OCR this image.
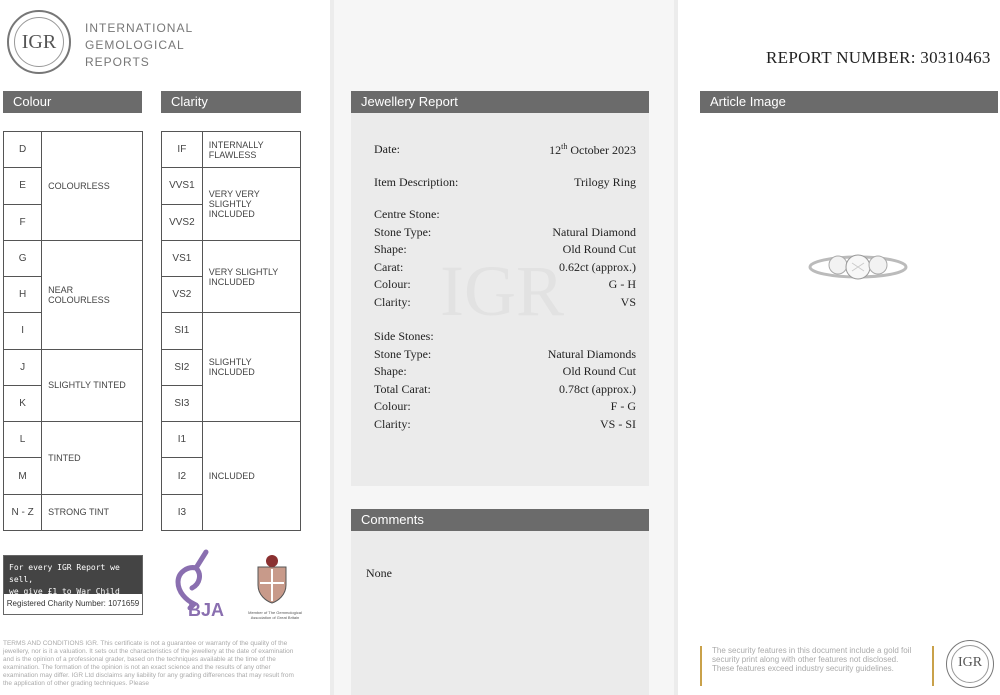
IGR
INTERNATIONAL
GEMOLOGICAL
REPORTS
Colour	Clarity
D	COLOURLESS
E	
F	
G	NEAR COLOURLESS
H	
I	
J	SLIGHTLY TINTED
K	
L	TINTED
M	
N - Z	STRONG TINT
IF	INTERNALLY FLAWLESS
VVS1	VERY VERY SLIGHTLY INCLUDED
VVS2	
VS1	VERY SLIGHTLY INCLUDED
VS2	
SI1	SLIGHTLY INCLUDED
SI2	
SI3	
I1	INCLUDED
I2	
I3	
For every IGR Report we sell,
we give £1 to War Child
Registered Charity Number: 1071659	BJA	Member of The Gemmological Association of Great Britain
TERMS AND CONDITIONS IGR. This certificate is not a guarantee or warranty of the quality of the jewellery, nor is it a valuation. It sets out the characteristics of the jewellery at the date of examination and is the opinion of a professional grader, based on the techniques available at the time of the examination. The formation of the opinion is not an exact science and the results of any other examination may differ. IGR Ltd disclaims any liability for any grading differences that may result from the application of other grading techniques. Please
Jewellery Report
IGR
Date:	12th October 2023
Item Description:	Trilogy Ring
Centre Stone:
Stone Type:	Natural Diamond
Shape:	Old Round Cut
Carat:	0.62ct (approx.)
Colour:	G - H
Clarity:	VS
Side Stones:
Stone Type:	Natural Diamonds
Shape:	Old Round Cut
Total Carat:	0.78ct (approx.)
Colour:	F - G
Clarity:	VS - SI
Comments
None
REPORT NUMBER: 30310463
Article Image
The security features in this document include a gold foil security print along with other features not disclosed. These features exceed industry security guidelines.	IGR
